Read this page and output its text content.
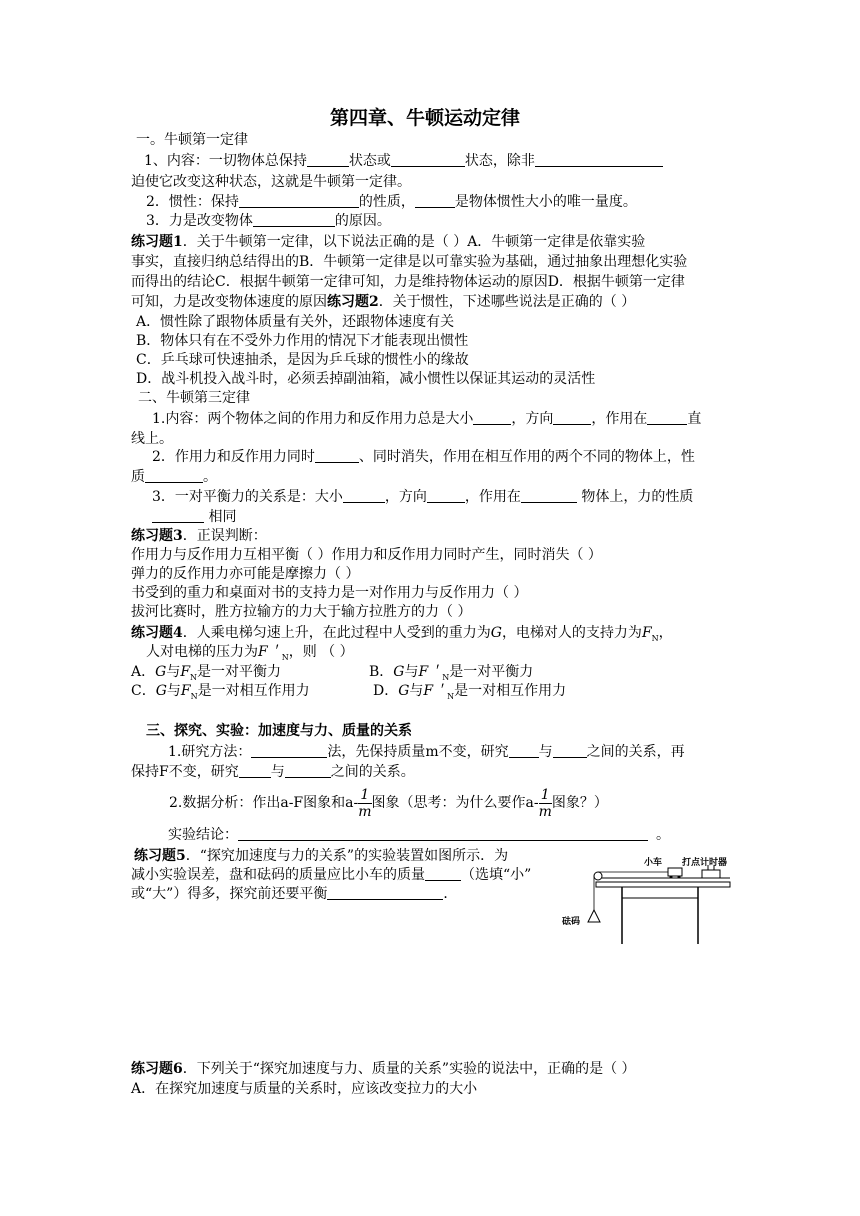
第四章、牛顿运动定律
一。牛顿第一定律
1、内容：一切物体总保持	状态或	状态，除非
迫使它改变这种状态，这就是牛顿第一定律。
2．惯性：保持	的性质，	是物体惯性大小的唯一量度。
3．力是改变物体	的原因。
练习题1．关于牛顿第一定律，以下说法正确的是（ ）A．牛顿第一定律是依靠实验
事实，直接归纳总结得出的B．牛顿第一定律是以可靠实验为基础，通过抽象出理想化实验
而得出的结论C．根据牛顿第一定律可知，力是维持物体运动的原因D．根据牛顿第一定律
可知，力是改变物体速度的原因练习题2．关于惯性，下述哪些说法是正确的（ ）
A．惯性除了跟物体质量有关外，还跟物体速度有关
B．物体只有在不受外力作用的情况下才能表现出惯性
C．乒乓球可快速抽杀，是因为乒乓球的惯性小的缘故
D．战斗机投入战斗时，必须丢掉副油箱，减小惯性以保证其运动的灵活性
二、牛顿第三定律
1.内容：两个物体之间的作用力和反作用力总是大小	，方向	，作用在	直
线上。
2．作用力和反作用力同时	、同时消失，作用在相互作用的两个不同的物体上，性
质	。
3．一对平衡力的关系是：大小	，方向	，作用在	物体上，力的性质
相同
练习题3．正误判断：
作用力与反作用力互相平衡（ ）作用力和反作用力同时产生，同时消失（ ）
弹力的反作用力亦可能是摩擦力（ ）
书受到的重力和桌面对书的支持力是一对作用力与反作用力（ ）
拔河比赛时，胜方拉输方的力大于输方拉胜方的力（ ）
练习题4．人乘电梯匀速上升，在此过程中人受到的重力为G，电梯对人的支持力为$F_N$，
人对电梯的压力为F＇$_N$，则 （ ）
A．G与$F_N$是一对平衡力	B．G与F＇$_N$是一对平衡力
C．G与$F_N$是一对相互作用力	D．G与F＇$_N$是一对相互作用力
三、探究、实验：加速度与力、质量的关系
1.研究方法：	法，先保持质量m不变，研究 与 之间的关系，再
保持F不变，研究 与	之间的关系。
2.数据分析：作出a-F图象和$a- \frac{1}{m}$ 图象（思考：为什么要作$a- \frac{1}{m}$ 图象？）
实验结论：	。
练习题5．“探究加速度与力的关系”的实验装置如图所示．为
减小实验误差，盘和砝码的质量应比小车的质量	（选填“小”
或“大”）得多，探究前还要平衡	．
小车 打点计时器
砝码
练习题6．下列关于“探究加速度与力、质量的关系”实验的说法中，正确的是（ ）
A．在探究加速度与质量的关系时，应该改变拉力的大小
